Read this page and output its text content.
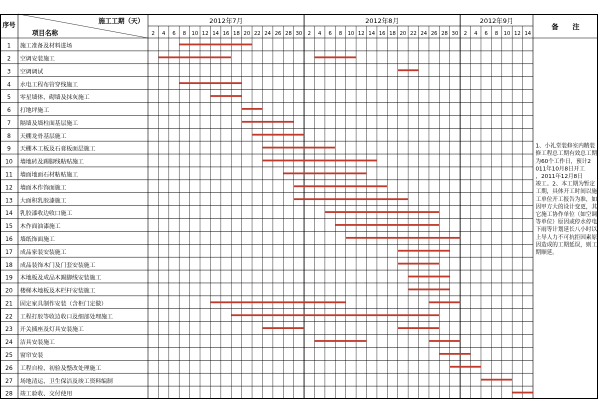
2012年7月
2 4 6 8 10 12 14 16 18 20 22 24 26 28 30
2012年8月
2 4 6 8 10 12 14 16 18 20 22 24 26 28 30
2012年9月
2 4 6 8 10 12 14
序号	施工工期（天）
项目名称
备　　注
1 施工准备及材料进场
2 空调安装施工
3 空调调试
4 水电工程布管穿线施工
5 零星墙体、砌墙及抹灰施工
6 打地坪施工
7 隔墙及墙柱面基层施工
8 天棚龙骨基层施工
9 天棚木工板及石膏板面层施工
10 墙地砖及踢脚线粘贴施工
11 墙面地面石材粘贴施工
12 墙面木作饰面施工
13 大面积乳胶漆施工
14 乳胶漆收边收口施工
15 木作面油漆施工
16 墙纸饰面施工
17 成品家装安装施工
18 成品装饰木门及门套安装施工
19 木地板及成品木踢脚线安装施工
20 楼梯木地板及木栏杆安装施工
21 固定家具制作安装（含柜门定做）
22 工程打胶等收边收口及细部处理施工
23 开关插座及灯具安装施工
24 洁具安装施工
25 窗帘安装
26 工程自检、初验及整改处理施工
27 场地清运、卫生保洁及竣工资料编制
28 竣工验收、交付使用
1、小礼堂装修室内精装修工程总工期有效总工期为60个工作日，预计2 011年10月8日开工，2011年12月8日竣工。2、本工期为暂定工期，具体开工时间以施工单位开工报告为准，如因甲方大的设计变更，其它施工协作单位（如空调等单位）原因或停水停电下雨等计划延长八小时以上导人力不可抗拒因素原因造成的工期延误，则工期顺延。
